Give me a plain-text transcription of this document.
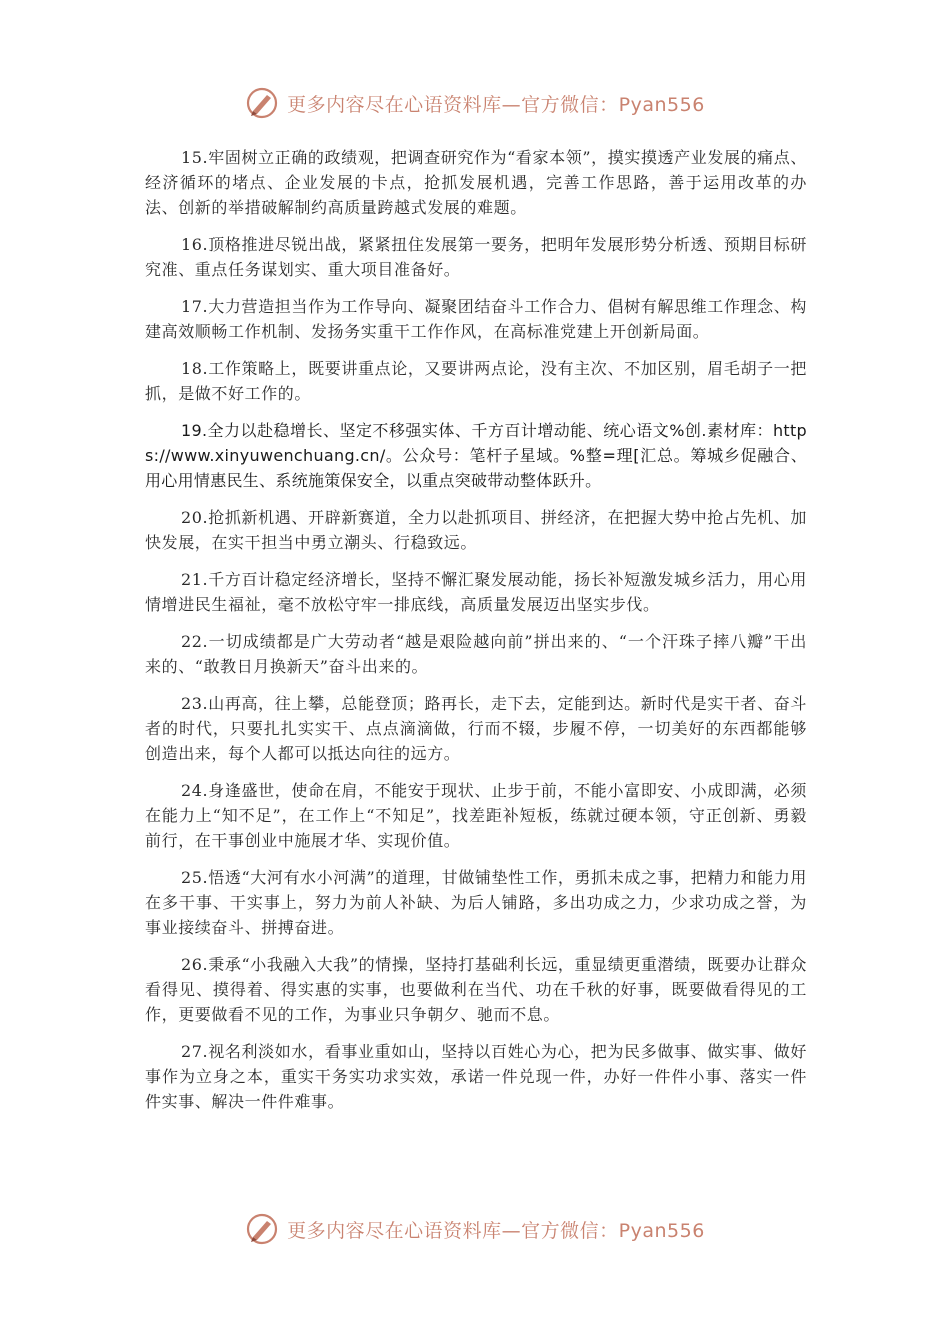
更多内容尽在心语资料库—官方微信：Pyan556

15.牢固树立正确的政绩观，把调查研究作为“看家本领”，摸实摸透产业发展的痛点、经济循环的堵点、企业发展的卡点，抢抓发展机遇，完善工作思路，善于运用改革的办法、创新的举措破解制约高质量跨越式发展的难题。

16.顶格推进尽锐出战，紧紧扭住发展第一要务，把明年发展形势分析透、预期目标研究准、重点任务谋划实、重大项目准备好。

17.大力营造担当作为工作导向、凝聚团结奋斗工作合力、倡树有解思维工作理念、构建高效顺畅工作机制、发扬务实重干工作作风，在高标准党建上开创新局面。

18.工作策略上，既要讲重点论，又要讲两点论，没有主次、不加区别，眉毛胡子一把抓，是做不好工作的。

19.全力以赴稳增长、坚定不移强实体、千方百计增动能、统心语文%创.素材库：https://www.xinyuwenchuang.cn/。公众号：笔杆子星域。%整=理[汇总。筹城乡促融合、用心用情惠民生、系统施策保安全，以重点突破带动整体跃升。

20.抢抓新机遇、开辟新赛道，全力以赴抓项目、拼经济，在把握大势中抢占先机、加快发展，在实干担当中勇立潮头、行稳致远。

21.千方百计稳定经济增长，坚持不懈汇聚发展动能，扬长补短激发城乡活力，用心用情增进民生福祉，毫不放松守牢一排底线，高质量发展迈出坚实步伐。

22.一切成绩都是广大劳动者“越是艰险越向前”拼出来的、“一个汗珠子摔八瓣”干出来的、“敢教日月换新天”奋斗出来的。

23.山再高，往上攀，总能登顶；路再长，走下去，定能到达。新时代是实干者、奋斗者的时代，只要扎扎实实干、点点滴滴做，行而不辍，步履不停，一切美好的东西都能够创造出来，每个人都可以抵达向往的远方。

24.身逢盛世，使命在肩，不能安于现状、止步于前，不能小富即安、小成即满，必须在能力上“知不足”，在工作上“不知足”，找差距补短板，练就过硬本领，守正创新、勇毅前行，在干事创业中施展才华、实现价值。

25.悟透“大河有水小河满”的道理，甘做铺垫性工作，勇抓未成之事，把精力和能力用在多干事、干实事上，努力为前人补缺、为后人铺路，多出功成之力，少求功成之誉，为事业接续奋斗、拼搏奋进。

26.秉承“小我融入大我”的情操，坚持打基础利长远，重显绩更重潜绩，既要办让群众看得见、摸得着、得实惠的实事，也要做利在当代、功在千秋的好事，既要做看得见的工作，更要做看不见的工作，为事业只争朝夕、驰而不息。

27.视名利淡如水，看事业重如山，坚持以百姓心为心，把为民多做事、做实事、做好事作为立身之本，重实干务实功求实效，承诺一件兑现一件，办好一件件小事、落实一件件实事、解决一件件难事。

更多内容尽在心语资料库—官方微信：Pyan556
